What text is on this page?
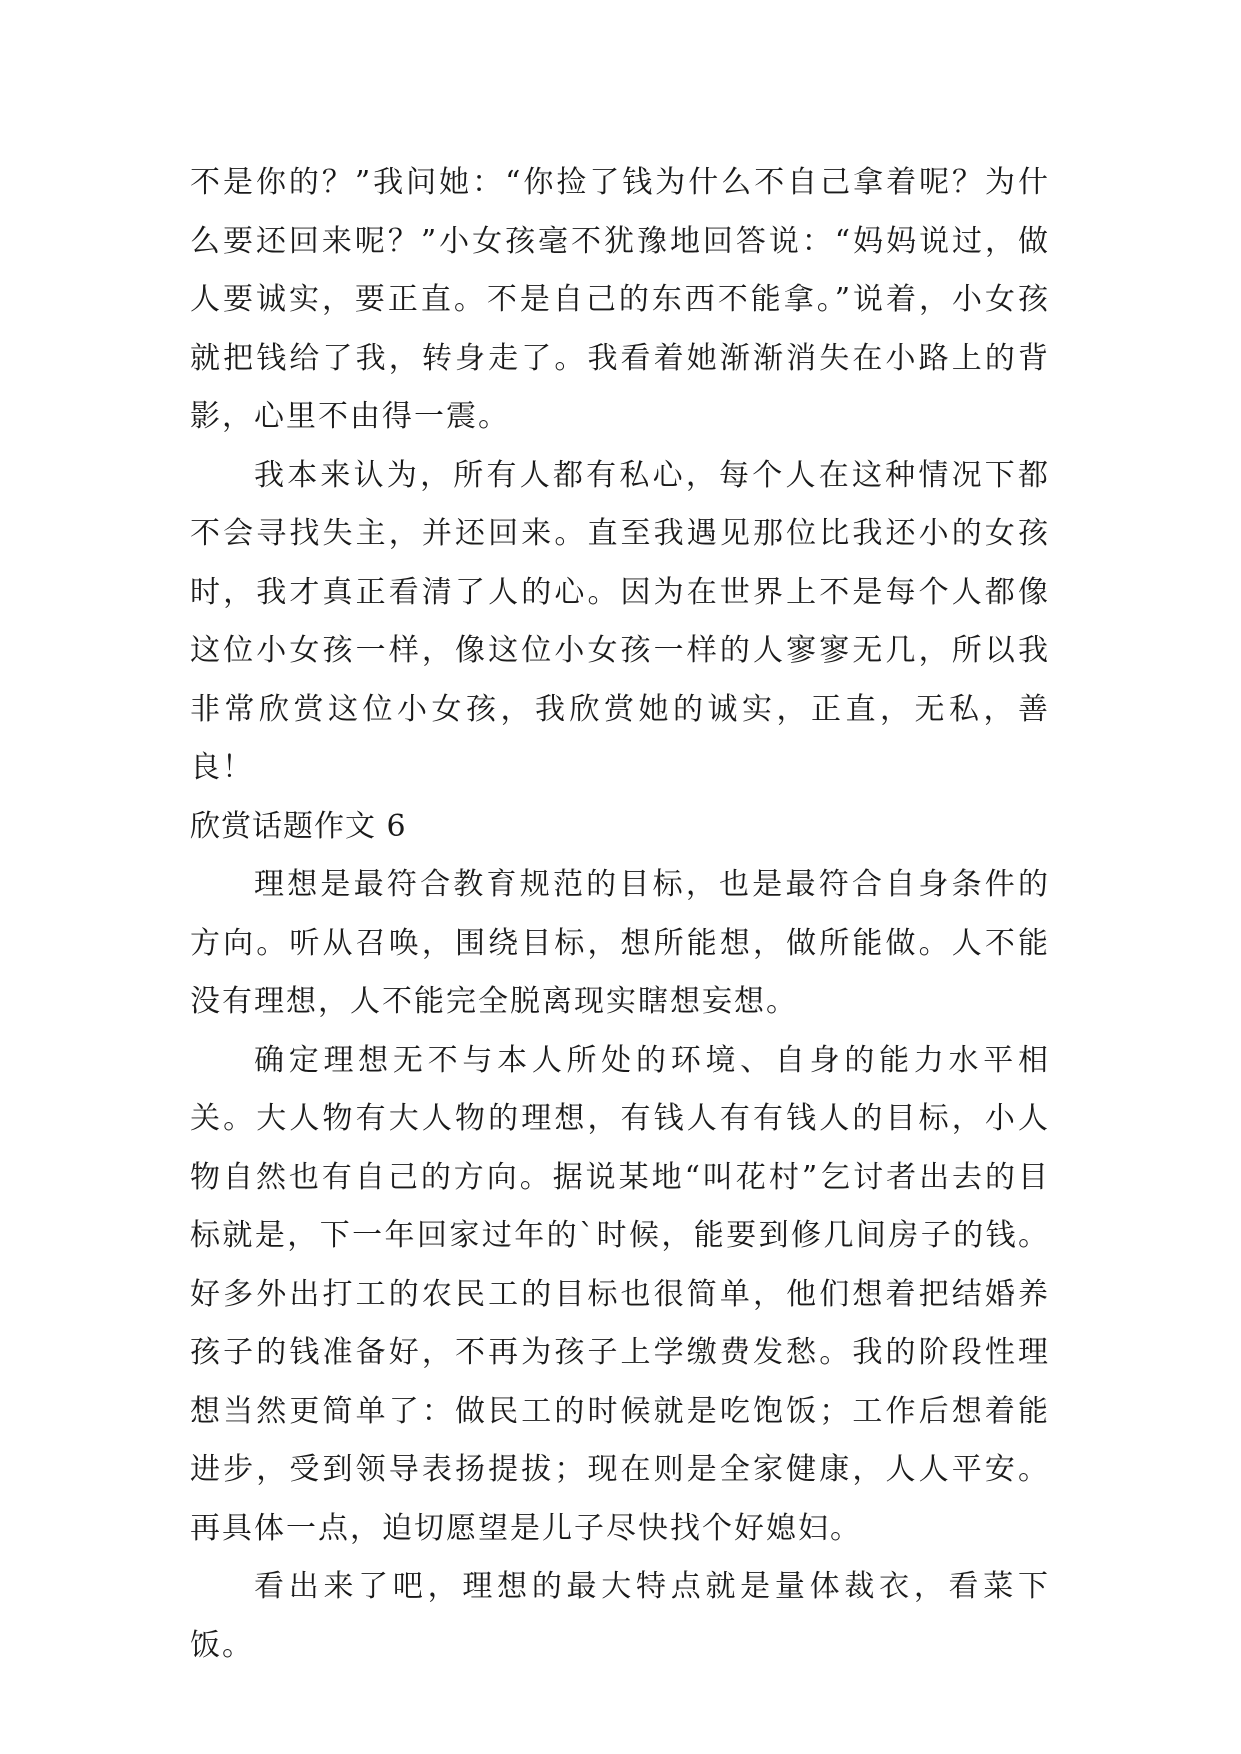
不是你的？”我问她：“你捡了钱为什么不自己拿着呢？为什么要还回来呢？”小女孩毫不犹豫地回答说：“妈妈说过，做人要诚实，要正直。不是自己的东西不能拿。”说着，小女孩就把钱给了我，转身走了。我看着她渐渐消失在小路上的背影，心里不由得一震。

我本来认为，所有人都有私心，每个人在这种情况下都不会寻找失主，并还回来。直至我遇见那位比我还小的女孩时，我才真正看清了人的心。因为在世界上不是每个人都像这位小女孩一样，像这位小女孩一样的人寥寥无几，所以我非常欣赏这位小女孩，我欣赏她的诚实，正直，无私，善良！

欣赏话题作文 6

理想是最符合教育规范的目标，也是最符合自身条件的方向。听从召唤，围绕目标，想所能想，做所能做。人不能没有理想，人不能完全脱离现实瞎想妄想。

确定理想无不与本人所处的环境、自身的能力水平相关。大人物有大人物的理想，有钱人有有钱人的目标，小人物自然也有自己的方向。据说某地“叫花村”乞讨者出去的目标就是，下一年回家过年的`时候，能要到修几间房子的钱。好多外出打工的农民工的目标也很简单，他们想着把结婚养孩子的钱准备好，不再为孩子上学缴费发愁。我的阶段性理想当然更简单了：做民工的时候就是吃饱饭；工作后想着能进步，受到领导表扬提拔；现在则是全家健康，人人平安。再具体一点，迫切愿望是儿子尽快找个好媳妇。

看出来了吧，理想的最大特点就是量体裁衣，看菜下饭。
